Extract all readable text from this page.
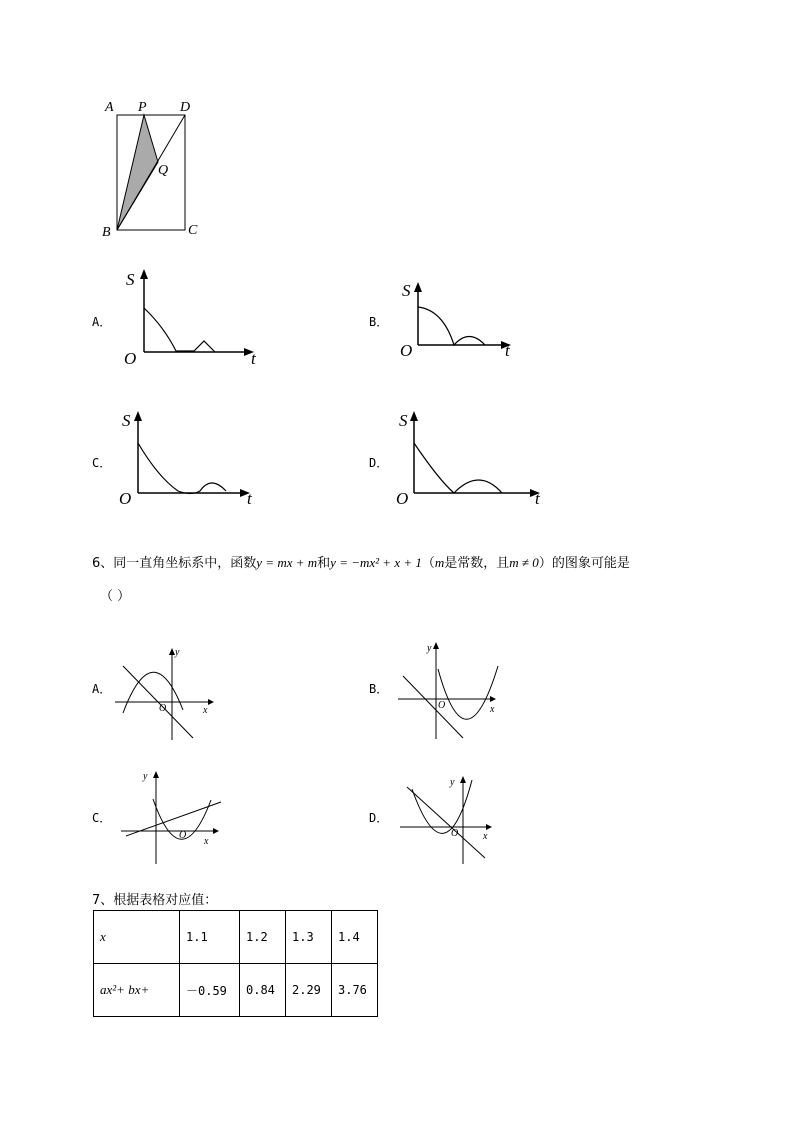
A P D
Q
B	C
A．
S
O	t
B．
S
O	t
C．
S
O	t
D．
S
O	t
6、同一直角坐标系中，函数y = mx + m和y = −mx² + x + 1（m是常数，且m ≠ 0）的图象可能是
（ ）
A．
y
x
O
B．
y
x
O
C．
y
x
O
D．
y
x
O
7、根据表格对应值：
x	1.1	1.2	1.3	1.4
ax²+ bx+	－0.59	0.84	2.29	3.76
